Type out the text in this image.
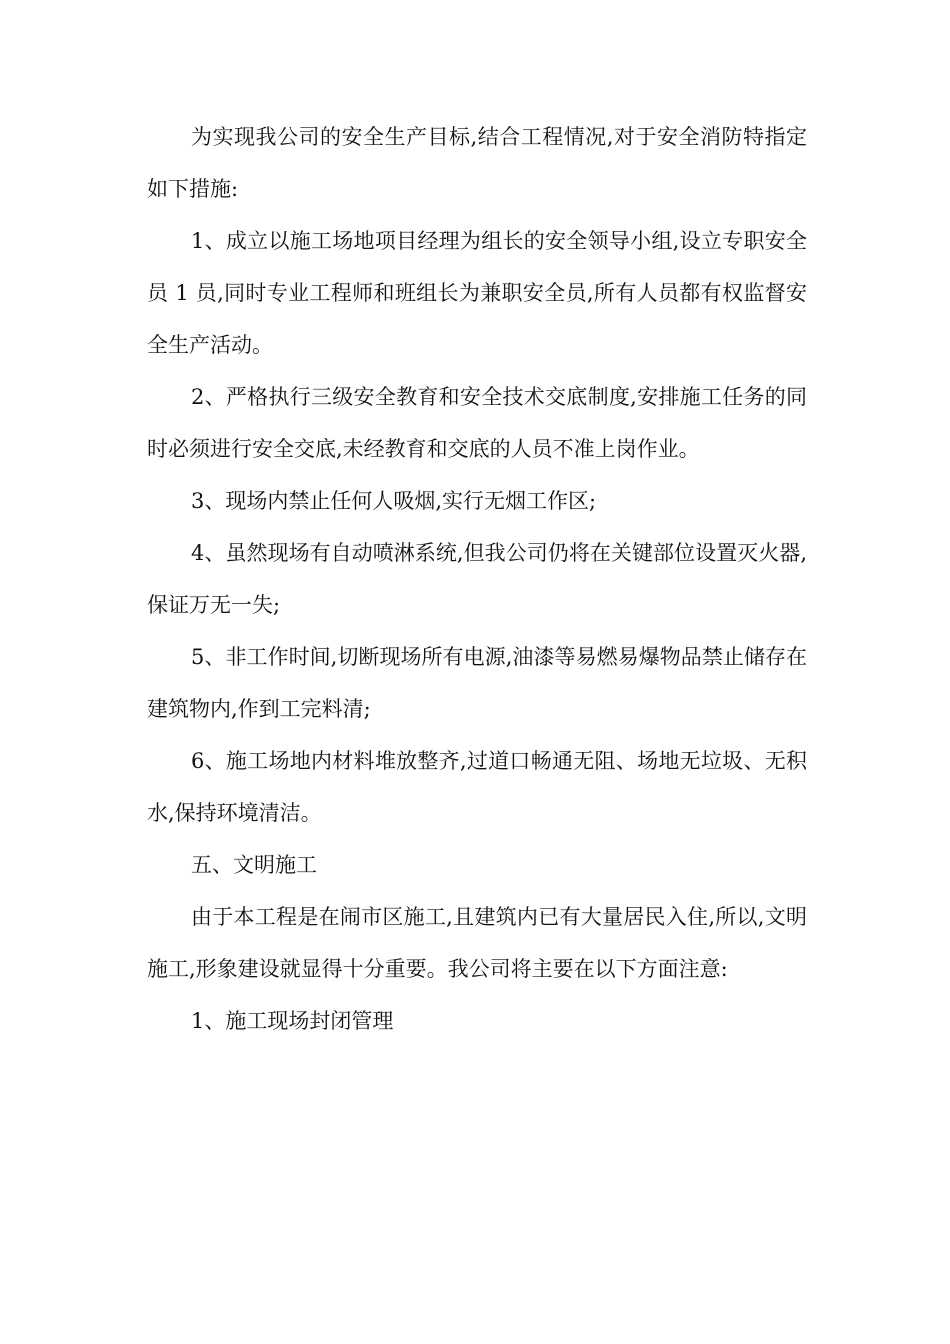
为实现我公司的安全生产目标,结合工程情况,对于安全消防特指定如下措施:

1、成立以施工场地项目经理为组长的安全领导小组,设立专职安全员 1 员,同时专业工程师和班组长为兼职安全员,所有人员都有权监督安全生产活动。

2、严格执行三级安全教育和安全技术交底制度,安排施工任务的同时必须进行安全交底,未经教育和交底的人员不准上岗作业。

3、现场内禁止任何人吸烟,实行无烟工作区;

4、虽然现场有自动喷淋系统,但我公司仍将在关键部位设置灭火器,保证万无一失;

5、非工作时间,切断现场所有电源,油漆等易燃易爆物品禁止储存在建筑物内,作到工完料清;

6、施工场地内材料堆放整齐,过道口畅通无阻、场地无垃圾、无积水,保持环境清洁。

五、文明施工

由于本工程是在闹市区施工,且建筑内已有大量居民入住,所以,文明施工,形象建设就显得十分重要。我公司将主要在以下方面注意:

1、施工现场封闭管理
